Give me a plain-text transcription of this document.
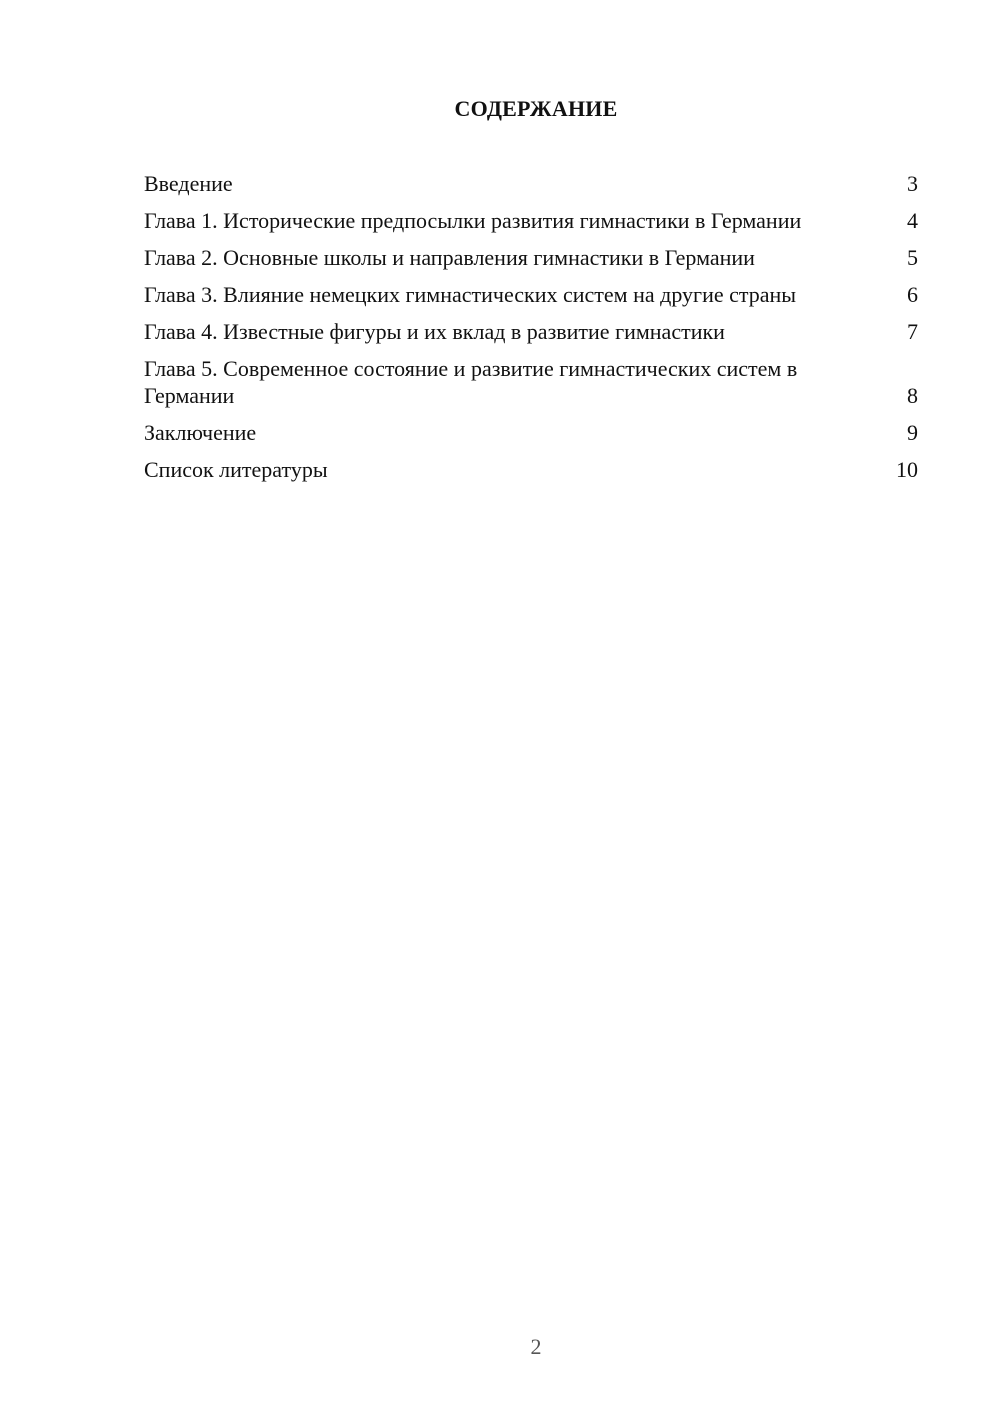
СОДЕРЖАНИЕ
Введение	3
Глава 1. Исторические предпосылки развития гимнастики в Германии	4
Глава 2. Основные школы и направления гимнастики в Германии	5
Глава 3. Влияние немецких гимнастических систем на другие страны	6
Глава 4. Известные фигуры и их вклад в развитие гимнастики	7
Глава 5. Современное состояние и развитие гимнастических систем в Германии	8
Заключение	9
Список литературы	10
2
